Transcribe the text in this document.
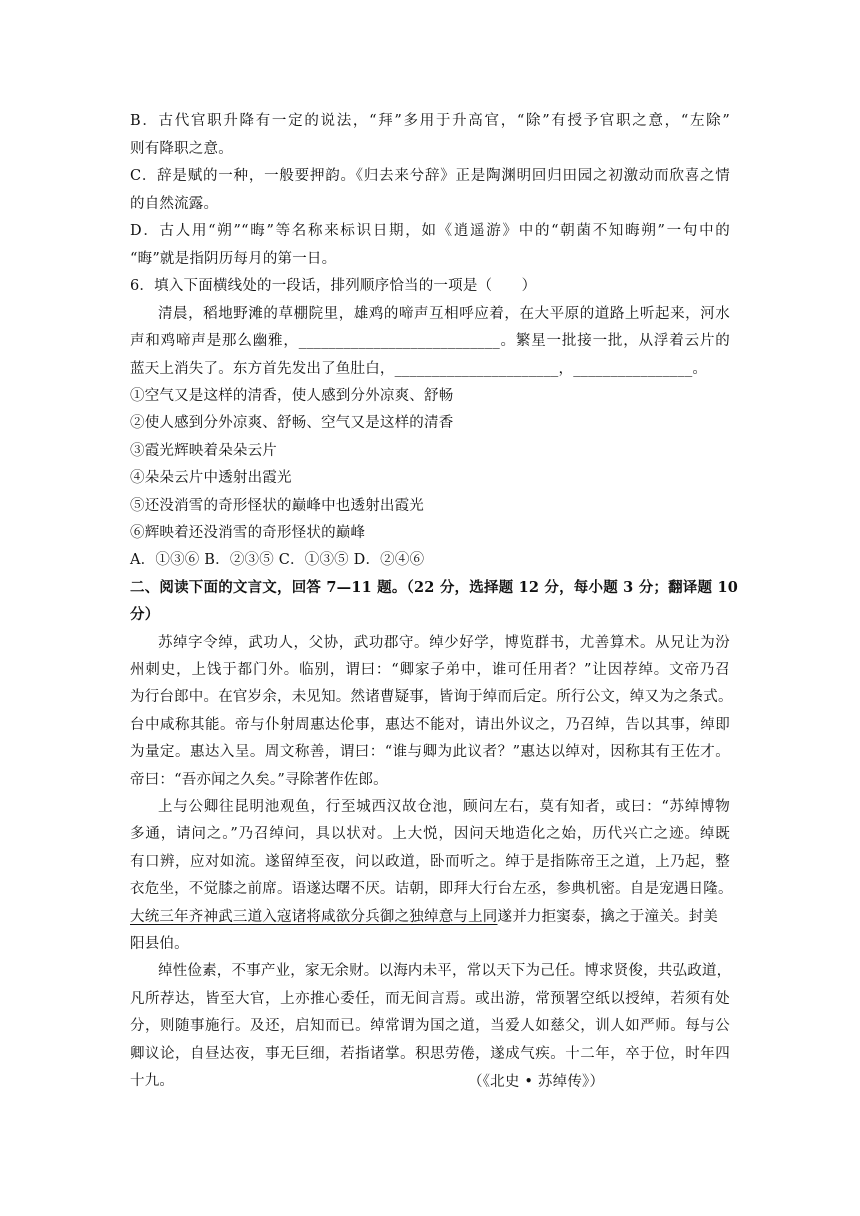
B．古代官职升降有一定的说法，“拜”多用于升高官，“除”有授予官职之意，“左除”
则有降职之意。
C．辞是赋的一种，一般要押韵。《归去来兮辞》正是陶渊明回归田园之初激动而欣喜之情
的自然流露。
D．古人用“朔”“晦”等名称来标识日期，如《逍遥游》中的“朝菌不知晦朔”一句中的
“晦”就是指阴历每月的第一日。
6．填入下面横线处的一段话，排列顺序恰当的一项是（　　）
清晨，稻地野滩的草棚院里，雄鸡的啼声互相呼应着，在大平原的道路上听起来，河水
声和鸡啼声是那么幽雅，___________________________。繁星一批接一批，从浮着云片的
蓝天上消失了。东方首先发出了鱼肚白，______________________，________________。
①空气又是这样的清香，使人感到分外凉爽、舒畅
②使人感到分外凉爽、舒畅、空气又是这样的清香
③霞光辉映着朵朵云片
④朵朵云片中透射出霞光
⑤还没消雪的奇形怪状的巅峰中也透射出霞光
⑥辉映着还没消雪的奇形怪状的巅峰
A．①③⑥ B．②③⑤ C．①③⑤ D．②④⑥
二、阅读下面的文言文，回答 7—11 题。（22 分，选择题 12 分，每小题 3 分；翻译题 10
分）
苏绰字令绰，武功人，父协，武功郡守。绰少好学，博览群书，尤善算术。从兄让为汾
州刺史，上饯于都门外。临别，谓曰：“卿家子弟中，谁可任用者？”让因荐绰。文帝乃召
为行台郎中。在官岁余，未见知。然诸曹疑事，皆询于绰而后定。所行公文，绰又为之条式。
台中咸称其能。帝与仆射周惠达伦事，惠达不能对，请出外议之，乃召绰，告以其事，绰即
为量定。惠达入呈。周文称善，谓曰：“谁与卿为此议者？”惠达以绰对，因称其有王佐才。
帝曰：“吾亦闻之久矣。”寻除著作佐郎。
上与公卿往昆明池观鱼，行至城西汉故仓池，顾问左右，莫有知者，或曰：“苏绰博物
多通，请问之。”乃召绰问，具以状对。上大悦，因问天地造化之始，历代兴亡之迹。绰既
有口辨，应对如流。遂留绰至夜，问以政道，卧而听之。绰于是指陈帝王之道，上乃起，整
衣危坐，不觉膝之前席。语遂达曙不厌。诘朝，即拜大行台左丞，参典机密。自是宠遇日隆。
大统三年齐神武三道入寇诸将咸欲分兵御之独绰意与上同遂并力拒窦泰，擒之于潼关。封美
阳县伯。
绰性俭素，不事产业，家无余财。以海内未平，常以天下为己任。博求贤俊，共弘政道，
凡所荐达，皆至大官，上亦推心委任，而无间言焉。或出游，常预署空纸以授绰，若须有处
分，则随事施行。及还，启知而已。绰常谓为国之道，当爱人如慈父，训人如严师。每与公
卿议论，自昼达夜，事无巨细，若指诸掌。积思劳倦，遂成气疾。十二年，卒于位，时年四
十九。	（《北史 • 苏绰传》）
